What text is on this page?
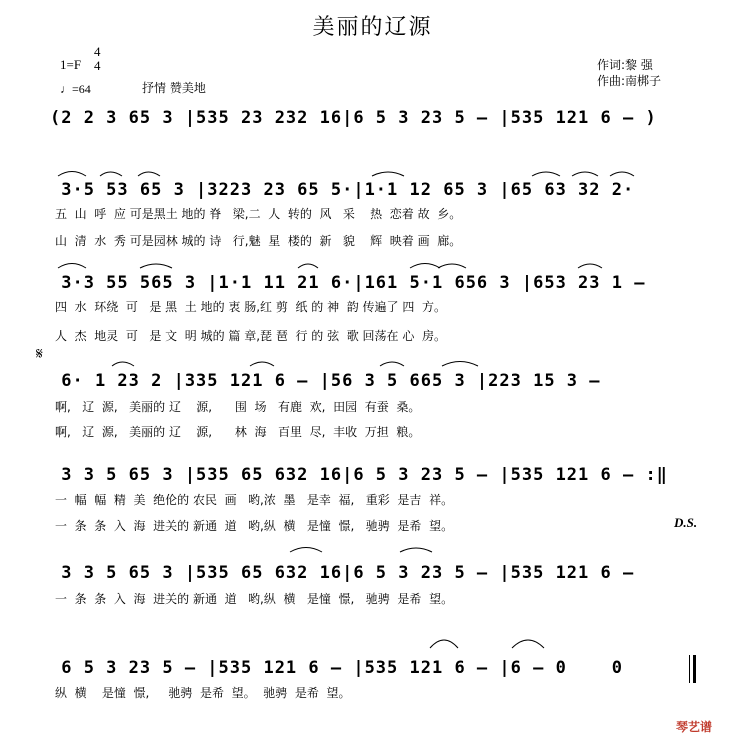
美丽的辽源
1=F
4
4
♩=64	抒情 赞美地
作词:黎 强
作曲:南梆子
(2 2 3 65 3 |535 23 232 16|6 5 3 23 5 – |535 121 6 – )
3·5 53 65 3 |3223 23 65 5·|1·1 12 65 3 |65 63 32 2·
五  山  呼  应 可是黑土 地的 脊   梁,二  人  转的  风   采    热  恋着 故  乡。
山  清  水  秀 可是园林 城的 诗   行,魅  星  楼的  新   貌    辉  映着 画  廊。
3·3 55 565 3 |1·1 11 21 6·|161 5·1 656 3 |653 23 1 –
四  水  环绕  可   是 黑  土 地的 衷 肠,红 剪  纸 的 神  韵 传遍了 四  方。
人  杰  地灵  可   是 文  明 城的 篇 章,琵 琶  行 的 弦  歌 回荡在 心  房。
𝄋
6· 1 23 2 |335 121 6 – |56 3 5 665 3 |223 15 3 –
啊,   辽  源,   美丽的 辽    源,      围  场   有鹿  欢,  田园  有蚕  桑。
啊,   辽  源,   美丽的 辽    源,      林  海   百里  尽,  丰收  万担  粮。
3 3 5 65 3 |535 65 632 16|6 5 3 23 5 – |535 121 6 – :‖
一  幅  幅  精  美  绝伦的 农民  画   哟,浓  墨   是幸  福,   重彩  是吉  祥。
一  条  条  入  海  进关的 新通  道   哟,纵  横   是憧  憬,   驰骋  是希  望。	D.S.
3 3 5 65 3 |535 65 632 16|6 5 3 23 5 – |535 121 6 –
一  条  条  入  海  进关的 新通  道   哟,纵  横   是憧  憬,   驰骋  是希  望。
6 5 3 23 5 – |535 121 6 – |535 121 6 – |6 – 0    0
纵  横    是憧  憬,     驰骋  是希  望。  驰骋  是希  望。
琴艺谱
